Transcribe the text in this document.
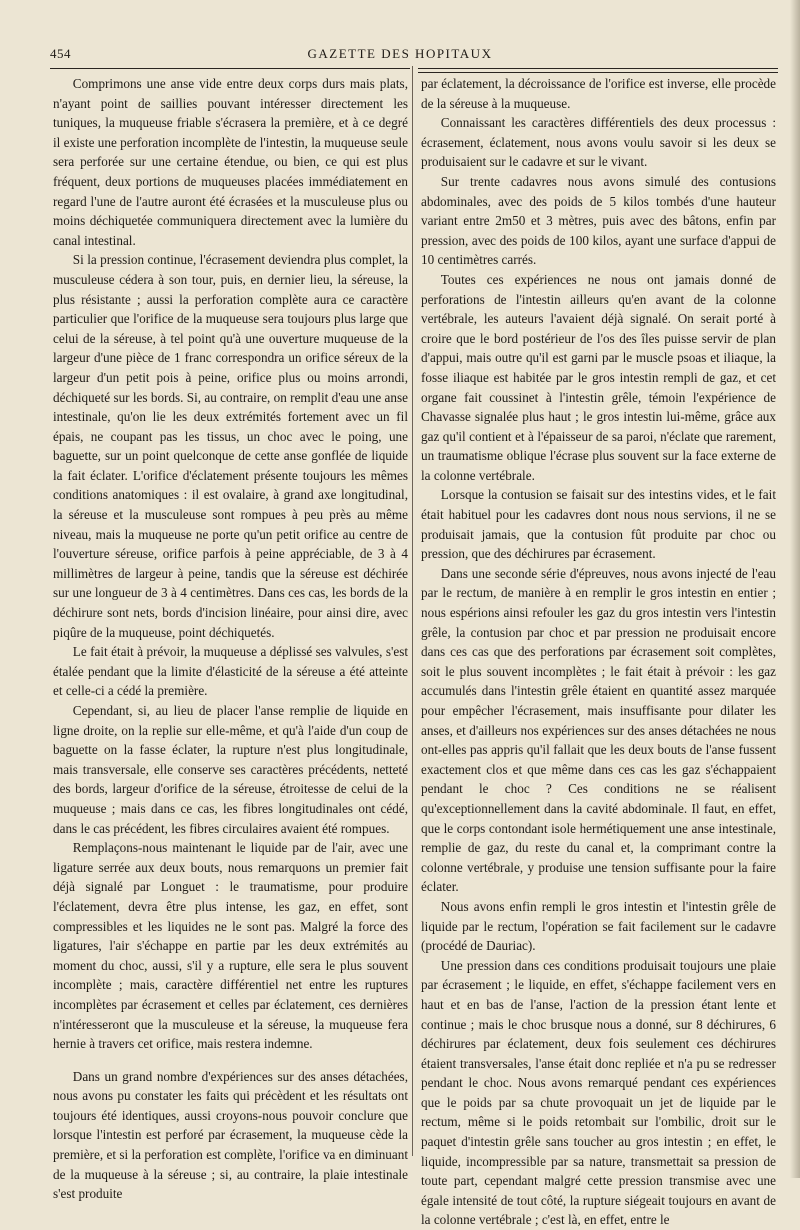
454	GAZETTE DES HOPITAUX

Comprimons une anse vide entre deux corps durs mais plats, n'ayant point de saillies pouvant intéresser directement les tuniques, la muqueuse friable s'écrasera la première, et à ce degré il existe une perforation incomplète de l'intestin, la muqueuse seule sera perforée sur une certaine étendue, ou bien, ce qui est plus fréquent, deux portions de muqueuses placées immédiatement en regard l'une de l'autre auront été écrasées et la musculeuse plus ou moins déchiquetée communiquera directement avec la lumière du canal intestinal.

Si la pression continue, l'écrasement deviendra plus complet, la musculeuse cédera à son tour, puis, en dernier lieu, la séreuse, la plus résistante ; aussi la perforation complète aura ce caractère particulier que l'orifice de la muqueuse sera toujours plus large que celui de la séreuse, à tel point qu'à une ouverture muqueuse de la largeur d'une pièce de 1 franc correspondra un orifice séreux de la largeur d'un petit pois à peine, orifice plus ou moins arrondi, déchiqueté sur les bords. Si, au contraire, on remplit d'eau une anse intestinale, qu'on lie les deux extrémités fortement avec un fil épais, ne coupant pas les tissus, un choc avec le poing, une baguette, sur un point quelconque de cette anse gonflée de liquide la fait éclater. L'orifice d'éclatement présente toujours les mêmes conditions anatomiques : il est ovalaire, à grand axe longitudinal, la séreuse et la musculeuse sont rompues à peu près au même niveau, mais la muqueuse ne porte qu'un petit orifice au centre de l'ouverture séreuse, orifice parfois à peine appréciable, de 3 à 4 millimètres de largeur à peine, tandis que la séreuse est déchirée sur une longueur de 3 à 4 centimètres. Dans ces cas, les bords de la déchirure sont nets, bords d'incision linéaire, pour ainsi dire, avec piqûre de la muqueuse, point déchiquetés.

Le fait était à prévoir, la muqueuse a déplissé ses valvules, s'est étalée pendant que la limite d'élasticité de la séreuse a été atteinte et celle-ci a cédé la première.

Cependant, si, au lieu de placer l'anse remplie de liquide en ligne droite, on la replie sur elle-même, et qu'à l'aide d'un coup de baguette on la fasse éclater, la rupture n'est plus longitudinale, mais transversale, elle conserve ses caractères précédents, netteté des bords, largeur d'orifice de la séreuse, étroitesse de celui de la muqueuse ; mais dans ce cas, les fibres longitudinales ont cédé, dans le cas précédent, les fibres circulaires avaient été rompues.

Remplaçons-nous maintenant le liquide par de l'air, avec une ligature serrée aux deux bouts, nous remarquons un premier fait déjà signalé par Longuet : le traumatisme, pour produire l'éclatement, devra être plus intense, les gaz, en effet, sont compressibles et les liquides ne le sont pas. Malgré la force des ligatures, l'air s'échappe en partie par les deux extrémités au moment du choc, aussi, s'il y a rupture, elle sera le plus souvent incomplète ; mais, caractère différentiel net entre les ruptures incomplètes par écrasement et celles par éclatement, ces dernières n'intéresseront que la musculeuse et la séreuse, la muqueuse fera hernie à travers cet orifice, mais restera indemne.

Dans un grand nombre d'expériences sur des anses détachées, nous avons pu constater les faits qui précèdent et les résultats ont toujours été identiques, aussi croyons-nous pouvoir conclure que lorsque l'intestin est perforé par écrasement, la muqueuse cède la première, et si la perforation est complète, l'orifice va en diminuant de la muqueuse à la séreuse ; si, au contraire, la plaie intestinale s'est produite

par éclatement, la décroissance de l'orifice est inverse, elle procède de la séreuse à la muqueuse.

Connaissant les caractères différentiels des deux processus : écrasement, éclatement, nous avons voulu savoir si les deux se produisaient sur le cadavre et sur le vivant.

Sur trente cadavres nous avons simulé des contusions abdominales, avec des poids de 5 kilos tombés d'une hauteur variant entre 2m50 et 3 mètres, puis avec des bâtons, enfin par pression, avec des poids de 100 kilos, ayant une surface d'appui de 10 centimètres carrés.

Toutes ces expériences ne nous ont jamais donné de perforations de l'intestin ailleurs qu'en avant de la colonne vertébrale, les auteurs l'avaient déjà signalé. On serait porté à croire que le bord postérieur de l'os des îles puisse servir de plan d'appui, mais outre qu'il est garni par le muscle psoas et iliaque, la fosse iliaque est habitée par le gros intestin rempli de gaz, et cet organe fait coussinet à l'intestin grêle, témoin l'expérience de Chavasse signalée plus haut ; le gros intestin lui-même, grâce aux gaz qu'il contient et à l'épaisseur de sa paroi, n'éclate que rarement, un traumatisme oblique l'écrase plus souvent sur la face externe de la colonne vertébrale.

Lorsque la contusion se faisait sur des intestins vides, et le fait était habituel pour les cadavres dont nous nous servions, il ne se produisait jamais, que la contusion fût produite par choc ou pression, que des déchirures par écrasement.

Dans une seconde série d'épreuves, nous avons injecté de l'eau par le rectum, de manière à en remplir le gros intestin en entier ; nous espérions ainsi refouler les gaz du gros intestin vers l'intestin grêle, la contusion par choc et par pression ne produisait encore dans ces cas que des perforations par écrasement soit complètes, soit le plus souvent incomplètes ; le fait était à prévoir : les gaz accumulés dans l'intestin grêle étaient en quantité assez marquée pour empêcher l'écrasement, mais insuffisante pour dilater les anses, et d'ailleurs nos expériences sur des anses détachées ne nous ont-elles pas appris qu'il fallait que les deux bouts de l'anse fussent exactement clos et que même dans ces cas les gaz s'échappaient pendant le choc ? Ces conditions ne se réalisent qu'exceptionnellement dans la cavité abdominale. Il faut, en effet, que le corps contondant isole hermétiquement une anse intestinale, remplie de gaz, du reste du canal et, la comprimant contre la colonne vertébrale, y produise une tension suffisante pour la faire éclater.

Nous avons enfin rempli le gros intestin et l'intestin grêle de liquide par le rectum, l'opération se fait facilement sur le cadavre (procédé de Dauriac).

Une pression dans ces conditions produisait toujours une plaie par écrasement ; le liquide, en effet, s'échappe facilement vers en haut et en bas de l'anse, l'action de la pression étant lente et continue ; mais le choc brusque nous a donné, sur 8 déchirures, 6 déchirures par éclatement, deux fois seulement ces déchirures étaient transversales, l'anse était donc repliée et n'a pu se redresser pendant le choc. Nous avons remarqué pendant ces expériences que le poids par sa chute provoquait un jet de liquide par le rectum, même si le poids retombait sur l'ombilic, droit sur le paquet d'intestin grêle sans toucher au gros intestin ; en effet, le liquide, incompressible par sa nature, transmettait sa pression de toute part, cependant malgré cette pression transmise avec une égale intensité de tout côté, la rupture siégeait toujours en avant de la colonne vertébrale ; c'est là, en effet, entre le
